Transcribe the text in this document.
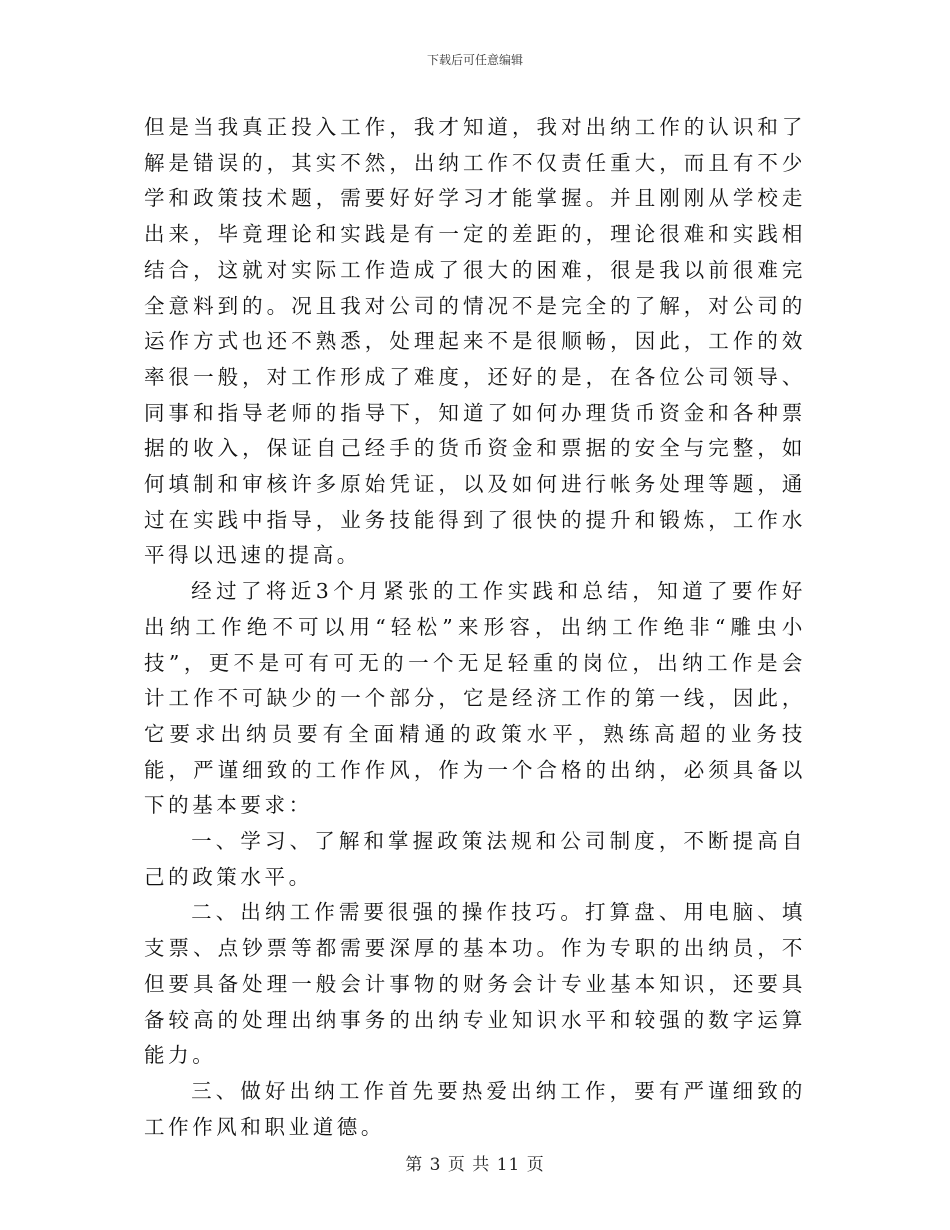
下载后可任意编辑

但是当我真正投入工作，我才知道，我对出纳工作的认识和了解是错误的，其实不然，出纳工作不仅责任重大，而且有不少学和政策技术题，需要好好学习才能掌握。并且刚刚从学校走出来，毕竟理论和实践是有一定的差距的，理论很难和实践相结合，这就对实际工作造成了很大的困难，很是我以前很难完全意料到的。况且我对公司的情况不是完全的了解，对公司的运作方式也还不熟悉，处理起来不是很顺畅，因此，工作的效率很一般，对工作形成了难度，还好的是，在各位公司领导、同事和指导老师的指导下，知道了如何办理货币资金和各种票据的收入，保证自己经手的货币资金和票据的安全与完整，如何填制和审核许多原始凭证，以及如何进行帐务处理等题，通过在实践中指导，业务技能得到了很快的提升和锻炼，工作水平得以迅速的提高。

经过了将近3个月紧张的工作实践和总结，知道了要作好出纳工作绝不可以用“轻松”来形容，出纳工作绝非“雕虫小技”，更不是可有可无的一个无足轻重的岗位，出纳工作是会计工作不可缺少的一个部分，它是经济工作的第一线，因此，它要求出纳员要有全面精通的政策水平，熟练高超的业务技能，严谨细致的工作作风，作为一个合格的出纳，必须具备以下的基本要求：

一、学习、了解和掌握政策法规和公司制度，不断提高自己的政策水平。

二、出纳工作需要很强的操作技巧。打算盘、用电脑、填支票、点钞票等都需要深厚的基本功。作为专职的出纳员，不但要具备处理一般会计事物的财务会计专业基本知识，还要具备较高的处理出纳事务的出纳专业知识水平和较强的数字运算能力。

三、做好出纳工作首先要热爱出纳工作，要有严谨细致的工作作风和职业道德。

第 3 页 共 11 页
